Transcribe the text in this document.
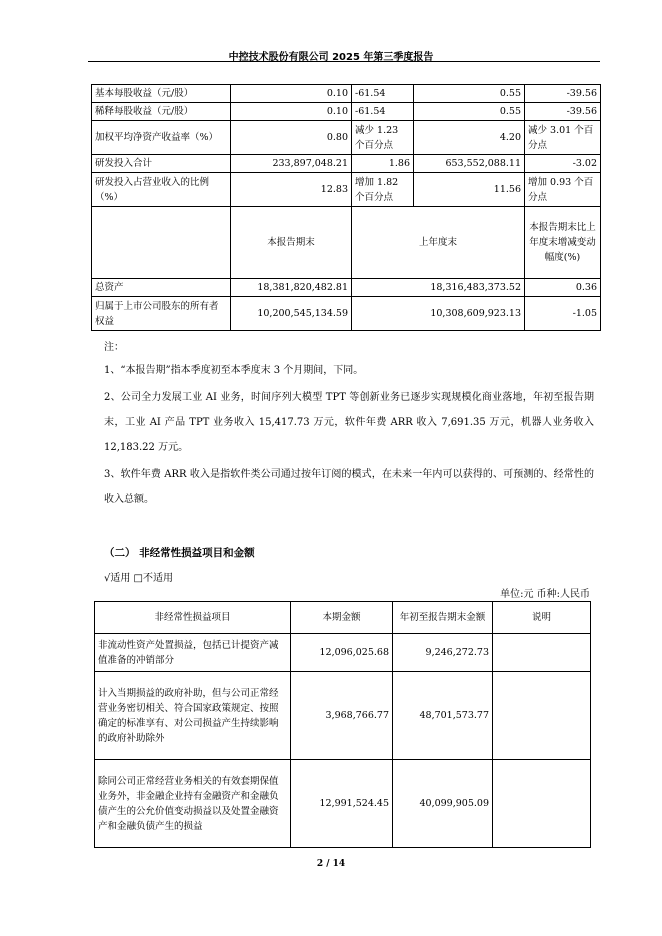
中控技术股份有限公司 2025 年第三季度报告
基本每股收益（元/股）	0.10	-61.54	0.55	-39.56
稀释每股收益（元/股）	0.10	-61.54	0.55	-39.56
加权平均净资产收益率（%）	0.80	减少 1.23 个百分点	4.20	减少 3.01 个百分点
研发投入合计	233,897,048.21	1.86	653,552,088.11	-3.02
研发投入占营业收入的比例（%）	12.83	增加 1.82 个百分点	11.56	增加 0.93 个百分点
	本报告期末	上年度末		本报告期末比上年度末增减变动幅度(%)
总资产	18,381,820,482.81	18,316,483,373.52		0.36
归属于上市公司股东的所有者权益	10,200,545,134.59	10,308,609,923.13		-1.05
注：
1、“本报告期”指本季度初至本季度末 3 个月期间，下同。
2、公司全力发展工业 AI 业务，时间序列大模型 TPT 等创新业务已逐步实现规模化商业落地，年初至报告期末，工业 AI 产品 TPT 业务收入 15,417.73 万元，软件年费 ARR 收入 7,691.35 万元，机器人业务收入 12,183.22 万元。
3、软件年费 ARR 收入是指软件类公司通过按年订阅的模式，在未来一年内可以获得的、可预测的、经常性的收入总额。
（二） 非经常性损益项目和金额
√适用 □不适用
单位:元 币种:人民币
非经常性损益项目	本期金额	年初至报告期末金额	说明
非流动性资产处置损益，包括已计提资产减值准备的冲销部分	12,096,025.68	9,246,272.73	
计入当期损益的政府补助，但与公司正常经营业务密切相关、符合国家政策规定、按照确定的标准享有、对公司损益产生持续影响的政府补助除外	3,968,766.77	48,701,573.77	
除同公司正常经营业务相关的有效套期保值业务外，非金融企业持有金融资产和金融负债产生的公允价值变动损益以及处置金融资产和金融负债产生的损益	12,991,524.45	40,099,905.09	
2 / 14
